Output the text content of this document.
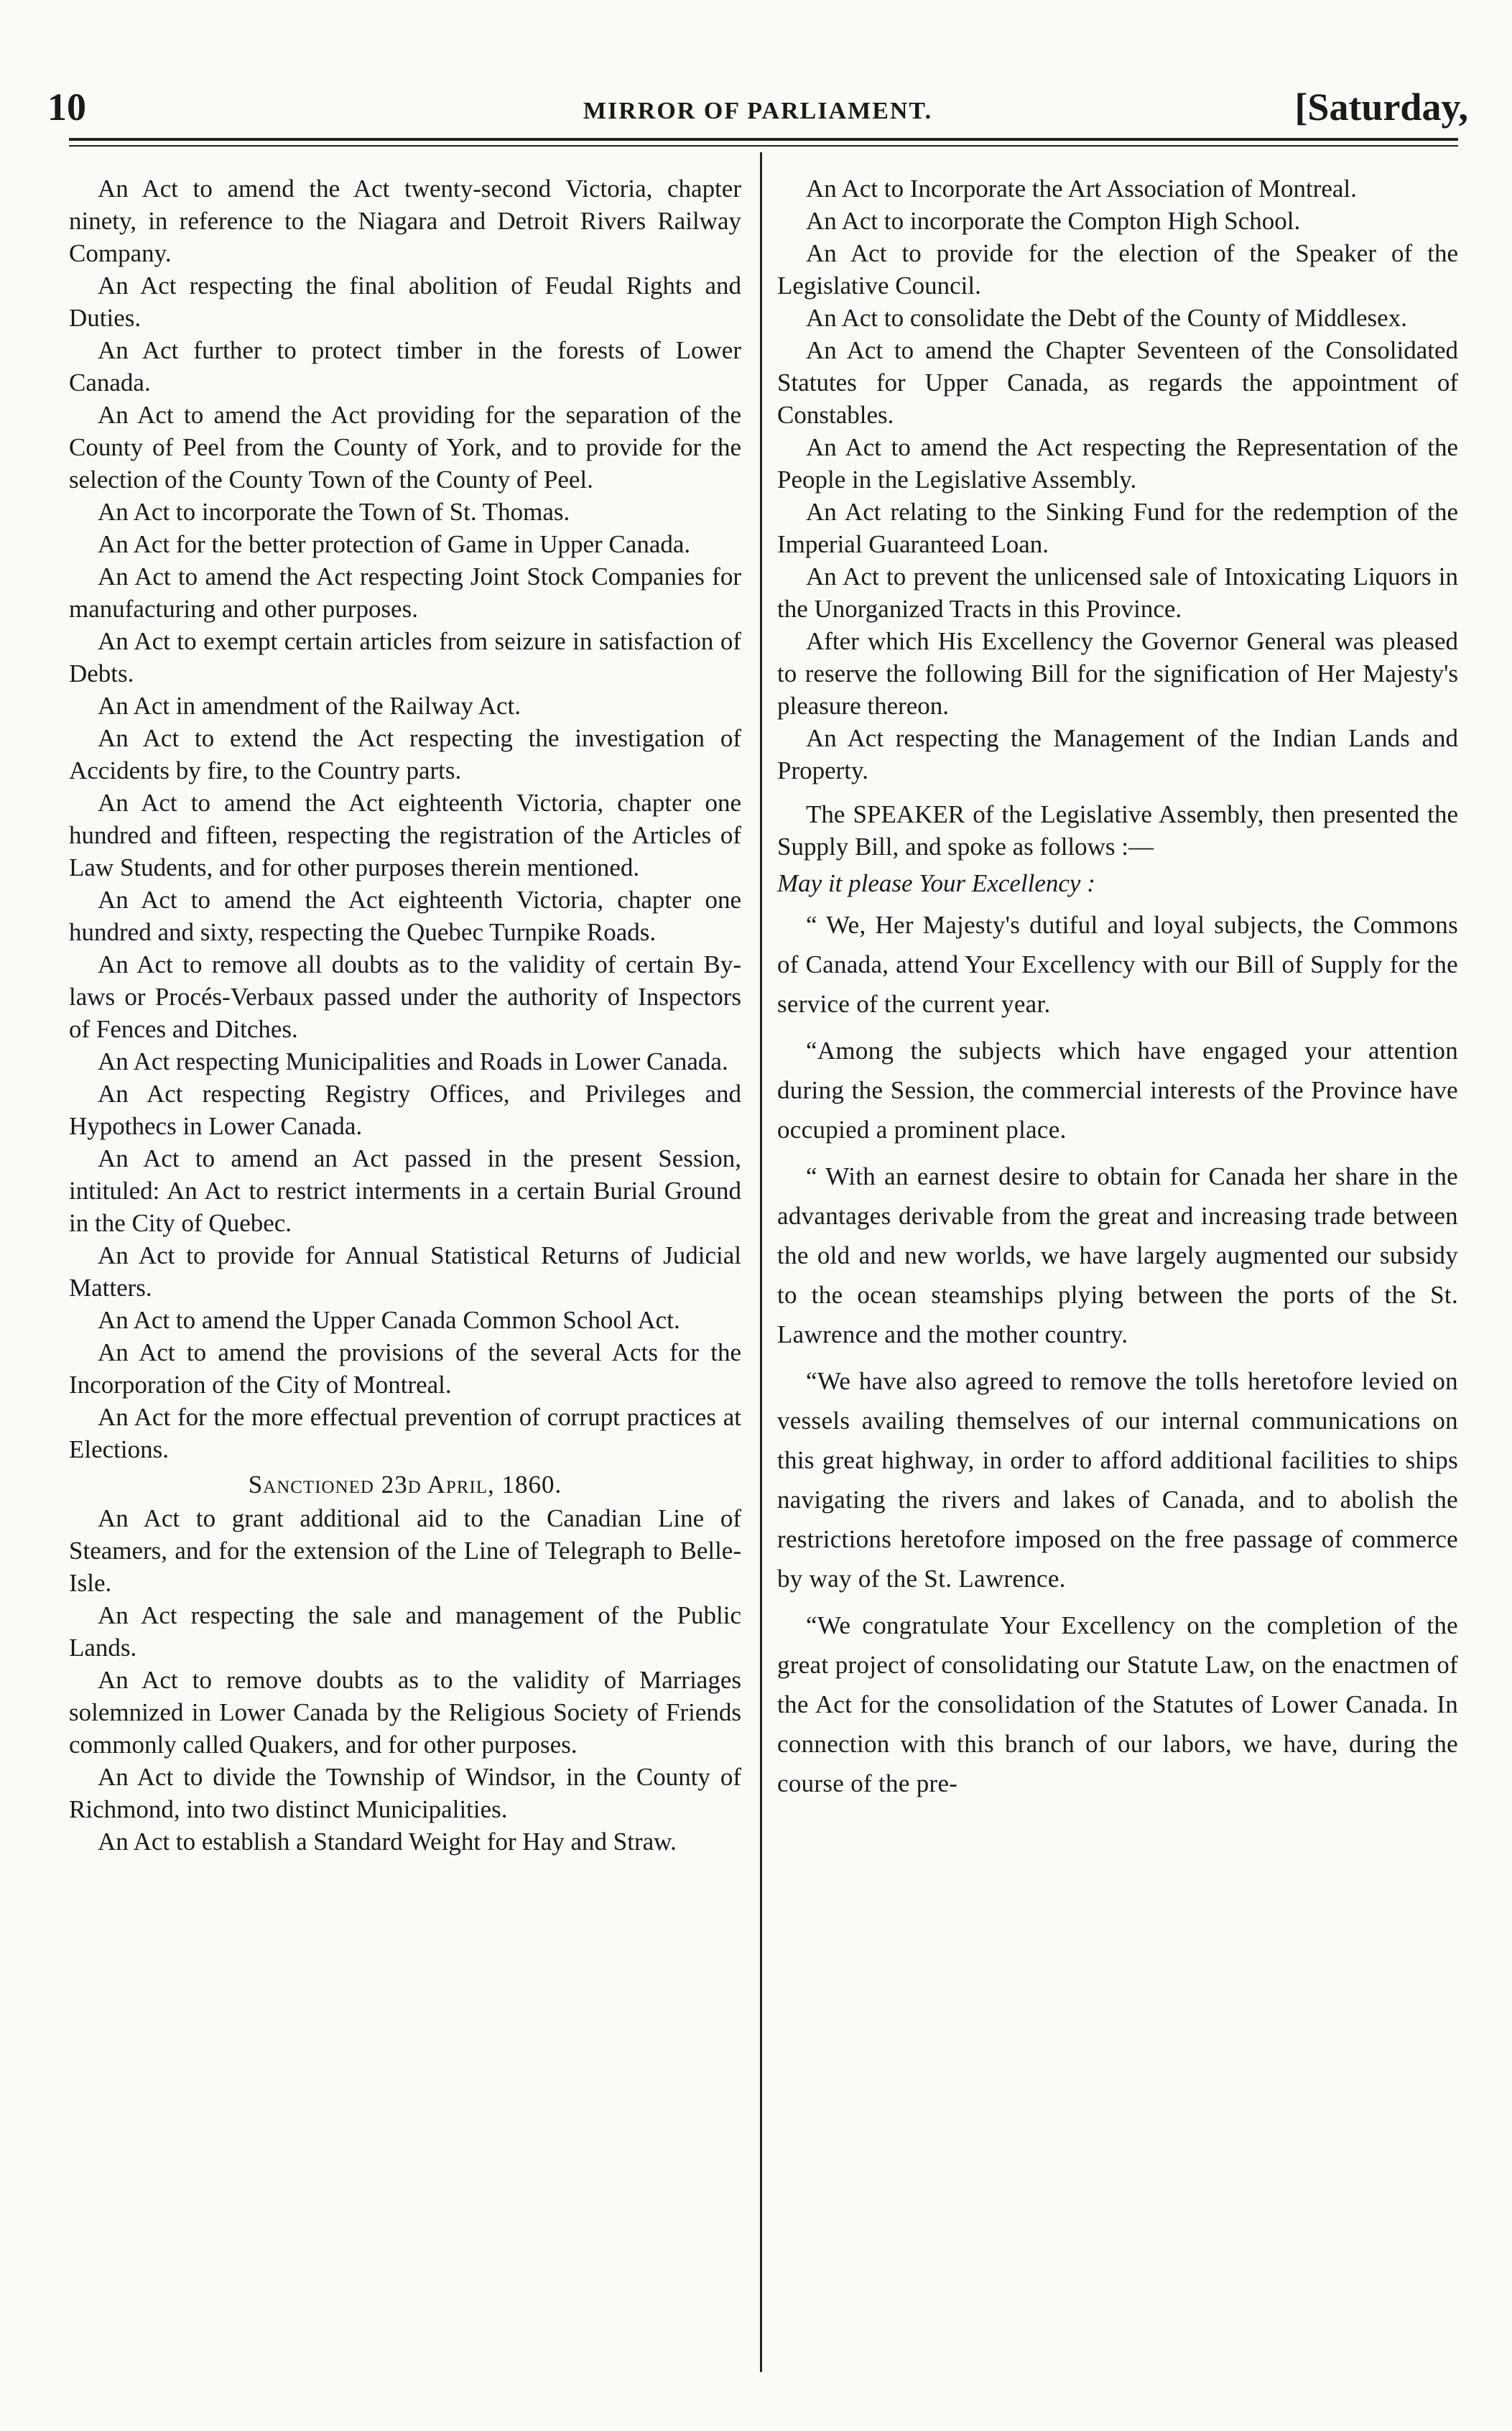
10	MIRROR OF PARLIAMENT.	[Saturday,

An Act to amend the Act twenty-second Victoria, chapter ninety, in reference to the Niagara and Detroit Rivers Railway Company.

An Act respecting the final abolition of Feudal Rights and Duties.

An Act further to protect timber in the forests of Lower Canada.

An Act to amend the Act providing for the separation of the County of Peel from the County of York, and to provide for the selection of the County Town of the County of Peel.

An Act to incorporate the Town of St. Thomas.

An Act for the better protection of Game in Upper Canada.

An Act to amend the Act respecting Joint Stock Companies for manufacturing and other purposes.

An Act to exempt certain articles from seizure in satisfaction of Debts.

An Act in amendment of the Railway Act.

An Act to extend the Act respecting the investigation of Accidents by fire, to the Country parts.

An Act to amend the Act eighteenth Victoria, chapter one hundred and fifteen, respecting the registration of the Articles of Law Students, and for other purposes therein mentioned.

An Act to amend the Act eighteenth Victoria, chapter one hundred and sixty, respecting the Quebec Turnpike Roads.

An Act to remove all doubts as to the validity of certain By-laws or Procés-Verbaux passed under the authority of Inspectors of Fences and Ditches.

An Act respecting Municipalities and Roads in Lower Canada.

An Act respecting Registry Offices, and Privileges and Hypothecs in Lower Canada.

An Act to amend an Act passed in the present Session, intituled: An Act to restrict interments in a certain Burial Ground in the City of Quebec.

An Act to provide for Annual Statistical Returns of Judicial Matters.

An Act to amend the Upper Canada Common School Act.

An Act to amend the provisions of the several Acts for the Incorporation of the City of Montreal.

An Act for the more effectual prevention of corrupt practices at Elections.

Sanctioned 23d April, 1860.

An Act to grant additional aid to the Canadian Line of Steamers, and for the extension of the Line of Telegraph to Belle-Isle.

An Act respecting the sale and management of the Public Lands.

An Act to remove doubts as to the validity of Marriages solemnized in Lower Canada by the Religious Society of Friends commonly called Quakers, and for other purposes.

An Act to divide the Township of Windsor, in the County of Richmond, into two distinct Municipalities.

An Act to establish a Standard Weight for Hay and Straw.

An Act to Incorporate the Art Association of Montreal.

An Act to incorporate the Compton High School.

An Act to provide for the election of the Speaker of the Legislative Council.

An Act to consolidate the Debt of the County of Middlesex.

An Act to amend the Chapter Seventeen of the Consolidated Statutes for Upper Canada, as regards the appointment of Constables.

An Act to amend the Act respecting the Representation of the People in the Legislative Assembly.

An Act relating to the Sinking Fund for the redemption of the Imperial Guaranteed Loan.

An Act to prevent the unlicensed sale of Intoxicating Liquors in the Unorganized Tracts in this Province.

After which His Excellency the Governor General was pleased to reserve the following Bill for the signification of Her Majesty's pleasure thereon.

An Act respecting the Management of the Indian Lands and Property.

The SPEAKER of the Legislative Assembly, then presented the Supply Bill, and spoke as follows :—

May it please Your Excellency :

“ We, Her Majesty's dutiful and loyal subjects, the Commons of Canada, attend Your Excellency with our Bill of Supply for the service of the current year.

“Among the subjects which have engaged your attention during the Session, the commercial interests of the Province have occupied a prominent place.

“ With an earnest desire to obtain for Canada her share in the advantages derivable from the great and increasing trade between the old and new worlds, we have largely augmented our subsidy to the ocean steamships plying between the ports of the St. Lawrence and the mother country.

“We have also agreed to remove the tolls heretofore levied on vessels availing themselves of our internal communications on this great highway, in order to afford additional facilities to ships navigating the rivers and lakes of Canada, and to abolish the restrictions heretofore imposed on the free passage of commerce by way of the St. Lawrence.

“We congratulate Your Excellency on the completion of the great project of consolidating our Statute Law, on the enactmen of the Act for the consolidation of the Statutes of Lower Canada. In connection with this branch of our labors, we have, during the course of the pre-
